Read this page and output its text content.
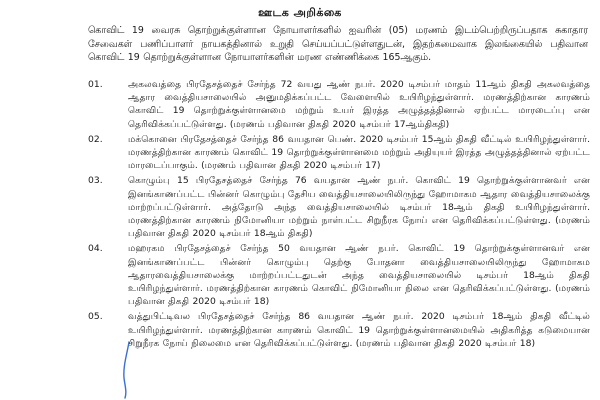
ஊடக அறிக்கை
கொவிட் 19 வைரசு தொற்றுக்குள்ளான நோயாளர்களில் ஐவரின் (05) மரணம் இடம்பெற்றிருப்பதாக சுகாதார சேவைகள் பணிப்பாளர் நாயகத்தினால் உறுதி செய்யப்பட்டுள்ளதுடன், இதற்கமைவாக இலங்கையில் பதிவான கொவிட் 19 தொற்றுக்குள்ளான நோயாளர்களின் மரண எண்ணிக்கை 165ஆகும்.
01.	அகலவத்தை பிரதேசத்தைச் சேர்ந்த 72 வயது ஆண் நபர். 2020 டிசம்பர் மாதம் 11ஆம் திகதி அகலவத்தை ஆதார வைத்தியசாலையில் அனுமதிக்கப்பட்ட வேளையில் உயிரிழந்துள்ளார். மரணத்திற்கான காரணம் கொவிட் 19 தொற்றுக்குள்ளானமை மற்றும் உயர் இரத்த அழுத்தத்தினால் ஏற்பட்ட மாரடைப்பு என தெரிவிக்கப்பட்டுள்ளது. (மரணம் பதிவான திகதி 2020 டிசம்பர் 17ஆம்திகதி)
02.	மக்கொனை பிரதேசத்தைச் சேர்ந்த 86 வயதான பெண். 2020 டிசம்பர் 15ஆம் திகதி வீட்டில் உயிரிழந்துள்ளார். மரணத்திற்கான காரணம் கொவிட் 19 தொற்றுக்குள்ளானமை மற்றும் அதியுயர் இரத்த அழுத்தத்தினால் ஏற்பட்ட மாரடைப்பாகும். (மரணம் பதிவான திகதி 2020 டிசம்பர் 17)
03.	கொழும்பு 15 பிரதேசத்தைச் சேர்ந்த 76 வயதான ஆண் நபர். கொவிட் 19 தொற்றுக்குள்ளானவர் என இனங்காணப்பட்ட பின்னர் கொழும்பு தேசிய வைத்தியசாலையிலிருந்து ஹோமாகம ஆதார வைத்தியசாலைக்கு மாற்றப்பட்டுள்ளார். அத்தோடு அந்த வைத்தியசாலையில் டிசம்பர் 18ஆம் திகதி உயிரிழந்துள்ளார். மரணத்திற்கான காரணம் நிமோனியா மற்றும் நாள்பட்ட சிறுநீரக நோய் என தெரிவிக்கப்பட்டுள்ளது. (மரணம் பதிவான திகதி 2020 டிசம்பர் 18ஆம் திகதி)
04.	மஹரகம பிரதேசத்தைச் சேர்ந்த 50 வயதான ஆண் நபர். கொவிட் 19 தொற்றுக்குள்ளானவர் என இனங்காணப்பட்ட பின்னர் கொழும்பு தெற்கு போதனா வைத்தியசாலையிலிருந்து ஹோமாகம ஆதாரவைத்தியசாலைக்கு மாற்றப்பட்டதுடன் அந்த வைத்தியசாலையில் டிசம்பர் 18ஆம் திகதி உயிரிழந்துள்ளார். மரணத்திற்கான காரணம் கொவிட் நிமோனியா நிலை என தெரிவிக்கப்பட்டுள்ளது. (மரணம் பதிவான திகதி 2020 டிசம்பர் 18)
05.	வத்துபிட்டிவல பிரதேசத்தைச் சேர்ந்த 86 வயதான ஆண் நபர். 2020 டிசம்பர் 18ஆம் திகதி வீட்டில் உயிரிழந்துள்ளார். மரணத்திற்கான காரணம் கொவிட் 19 தொற்றுக்குள்ளானமையில் அதிகரித்த கடுமையான சிறுநீரக நோய் நிலைமை என தெரிவிக்கப்பட்டுள்ளது. (மரணம் பதிவான திகதி 2020 டிசம்பர் 18)
